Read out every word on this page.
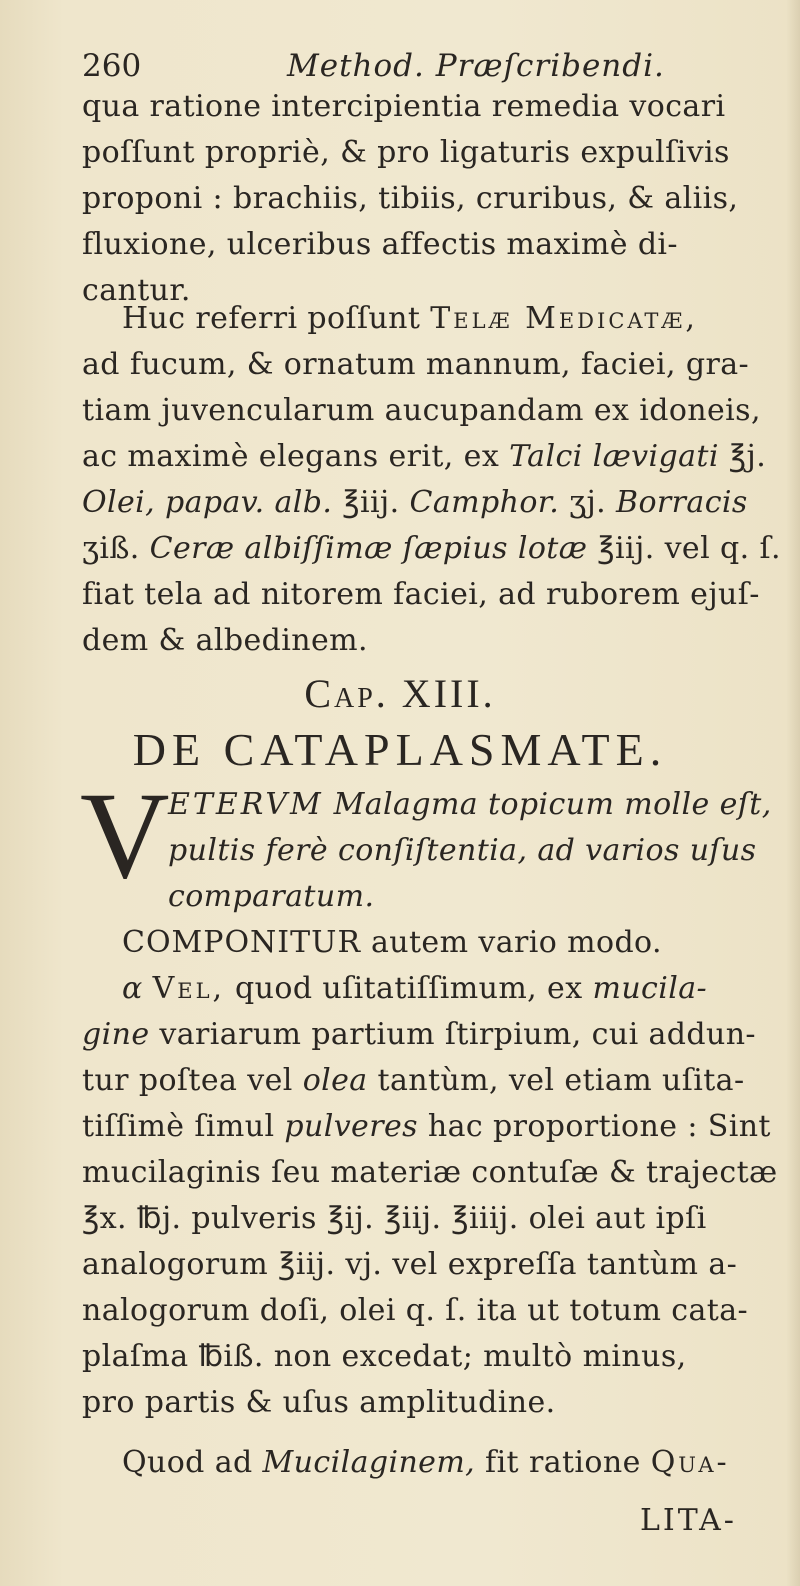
260	Method. Præſcribendi.
qua ratione intercipientia remedia vocari
poſſunt propriè, & pro ligaturis expulſivis
proponi : brachiis, tibiis, cruribus, & aliis,
fluxione, ulceribus affectis maximè di-
cantur.
Huc referri poſſunt Telæ Medicatæ,
ad fucum, & ornatum mannum, faciei, gra-
tiam juvencularum aucupandam ex idoneis,
ac maximè elegans erit, ex Talci lævigati ℥j.
Olei, papav. alb. ℥iij. Camphor. ʒj. Borracis
ʒiß. Ceræ albiſſimæ ſæpius lotæ ℥iij. vel q. ſ.
fiat tela ad nitorem faciei, ad ruborem ejuſ-
dem & albedinem.
Cap. XIII.
DE CATAPLASMATE.
V
ETERVM Malagma topicum molle eſt,
pultis ferè conſiſtentia, ad varios uſus
comparatum.
COMPONITUR autem vario modo.
α Vel, quod uſitatiſſimum, ex mucila-
gine variarum partium ſtirpium, cui addun-
tur poſtea vel olea tantùm, vel etiam uſita-
tiſſimè ſimul pulveres hac proportione : Sint
mucilaginis ſeu materiæ contuſæ & trajectæ
℥x. ℔j. pulveris ℥ij. ℥iij. ℥iiij. olei aut ipſi
analogorum ℥iij. vj. vel expreſſa tantùm a-
nalogorum doſi, olei q. ſ. ita ut totum cata-
plaſma ℔iß. non excedat; multò minus,
pro partis & uſus amplitudine.
Quod ad Mucilaginem, fit ratione Qua-
LITA-
